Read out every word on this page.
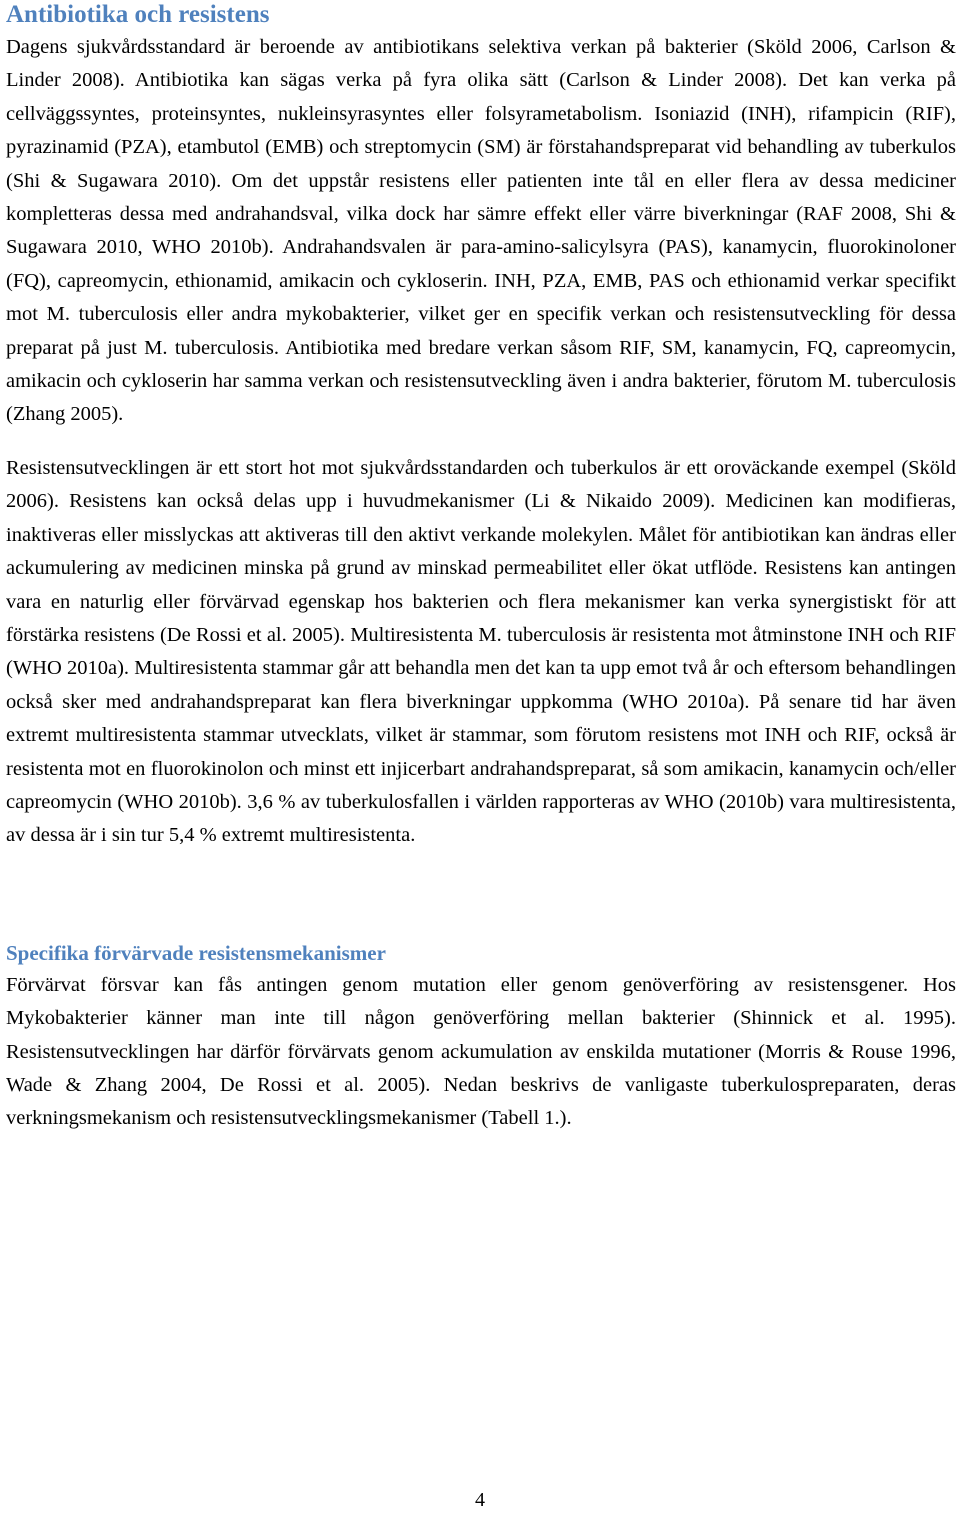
Antibiotika och resistens

Dagens sjukvårdsstandard är beroende av antibiotikans selektiva verkan på bakterier (Sköld 2006, Carlson & Linder 2008). Antibiotika kan sägas verka på fyra olika sätt (Carlson & Linder 2008). Det kan verka på cellväggssyntes, proteinsyntes, nukleinsyrasyntes eller folsyrametabolism. Isoniazid (INH), rifampicin (RIF), pyrazinamid (PZA), etambutol (EMB) och streptomycin (SM) är förstahandspreparat vid behandling av tuberkulos (Shi & Sugawara 2010). Om det uppstår resistens eller patienten inte tål en eller flera av dessa mediciner kompletteras dessa med andrahandsval, vilka dock har sämre effekt eller värre biverkningar (RAF 2008, Shi & Sugawara 2010, WHO 2010b). Andrahandsvalen är para-amino-salicylsyra (PAS), kanamycin, fluorokinoloner (FQ), capreomycin, ethionamid, amikacin och cykloserin. INH, PZA, EMB, PAS och ethionamid verkar specifikt mot M. tuberculosis eller andra mykobakterier, vilket ger en specifik verkan och resistensutveckling för dessa preparat på just M. tuberculosis. Antibiotika med bredare verkan såsom RIF, SM, kanamycin, FQ, capreomycin, amikacin och cykloserin har samma verkan och resistensutveckling även i andra bakterier, förutom M. tuberculosis (Zhang 2005).

Resistensutvecklingen är ett stort hot mot sjukvårdsstandarden och tuberkulos är ett oroväckande exempel (Sköld 2006). Resistens kan också delas upp i huvudmekanismer (Li & Nikaido 2009). Medicinen kan modifieras, inaktiveras eller misslyckas att aktiveras till den aktivt verkande molekylen. Målet för antibiotikan kan ändras eller ackumulering av medicinen minska på grund av minskad permeabilitet eller ökat utflöde. Resistens kan antingen vara en naturlig eller förvärvad egenskap hos bakterien och flera mekanismer kan verka synergistiskt för att förstärka resistens (De Rossi et al. 2005). Multiresistenta M. tuberculosis är resistenta mot åtminstone INH och RIF (WHO 2010a). Multiresistenta stammar går att behandla men det kan ta upp emot två år och eftersom behandlingen också sker med andrahandspreparat kan flera biverkningar uppkomma (WHO 2010a). På senare tid har även extremt multiresistenta stammar utvecklats, vilket är stammar, som förutom resistens mot INH och RIF, också är resistenta mot en fluorokinolon och minst ett injicerbart andrahandspreparat, så som amikacin, kanamycin och/eller capreomycin (WHO 2010b). 3,6 % av tuberkulosfallen i världen rapporteras av WHO (2010b) vara multiresistenta, av dessa är i sin tur 5,4 % extremt multiresistenta.

Specifika förvärvade resistensmekanismer

Förvärvat försvar kan fås antingen genom mutation eller genom genöverföring av resistensgener. Hos Mykobakterier känner man inte till någon genöverföring mellan bakterier (Shinnick et al. 1995). Resistensutvecklingen har därför förvärvats genom ackumulation av enskilda mutationer (Morris & Rouse 1996, Wade & Zhang 2004, De Rossi et al. 2005). Nedan beskrivs de vanligaste tuberkulospreparaten, deras verkningsmekanism och resistensutvecklingsmekanismer (Tabell 1.).

4
